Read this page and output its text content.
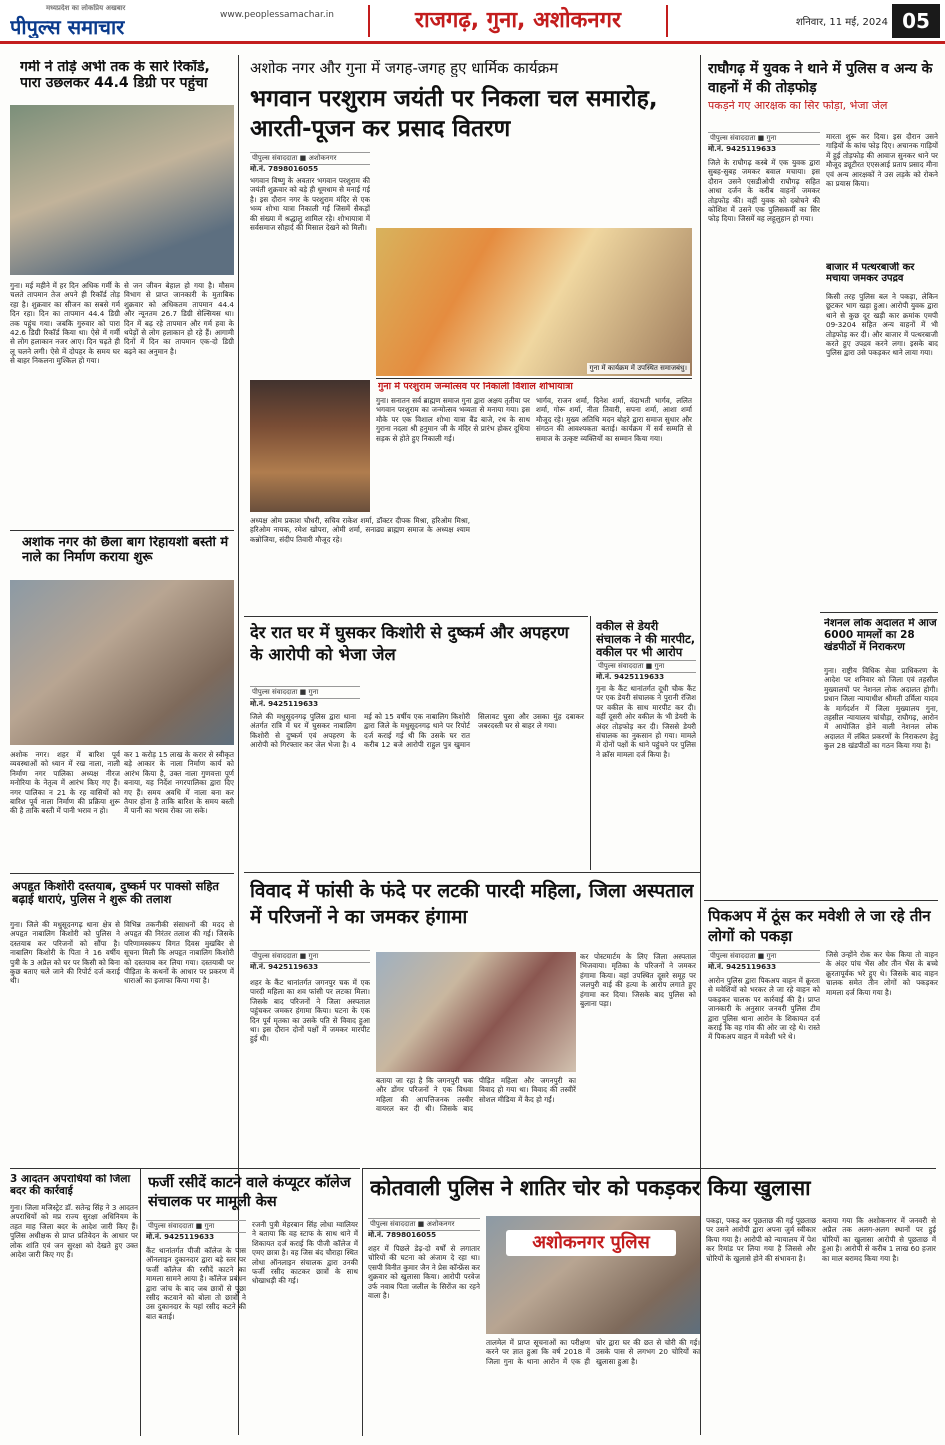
मध्यप्रदेश का लोकप्रिय अखबार
पीपुल्स समाचार	www.peoplessamachar.in	राजगढ़, गुना, अशोकनगर	शनिवार, 11 मई, 2024 05
गर्मी ने तोड़े अभी तक के सारे रिकॉर्ड, पारा उछलकर 44.4 डिग्री पर पहुंचा
गुना। मई महीने में हर दिन अधिक गर्मी के चलते तापमान तेज अपने ही रिकॉर्ड तोड़ रहा है। शुक्रवार का सीजन का सबसे गर्म दिन रहा। दिन का तापमान 44.4 डिग्री तक पहुंच गया। जबकि गुरुवार को पारा 42.6 डिग्री रिकॉर्ड किया था। ऐसे में गर्मी से लोग हलाकान नजर आए। दिन चढ़ते ही लू चलने लगी। ऐसे में दोपहर के समय घर से बाहर निकलना मुश्किल हो गया।
से जन जीवन बेहाल हो गया है। मौसम विभाग से प्राप्त जानकारी के मुताबिक शुक्रवार को अधिकतम तापमान 44.4 और न्यूनतम 26.7 डिग्री सेल्सियस था। दिन में बढ़ रहे तापमान और गर्म हवा के थपेड़ों से लोग हलाकान हो रहे हैं। आगामी दिनों में दिन का तापमान एक-दो डिग्री बढ़ने का अनुमान है।
अशोक नगर की छैला बाग रिहायशी बस्ती में नाले का निर्माण कराया शुरू
अशोक नगर। शहर में बारिश पूर्व व्यवस्थाओं को ध्यान में रख नाला, नाली निर्माण नगर पालिका अध्यक्ष नीरज मनोरिया के नेतृत्व में आरंभ किए गए हैं। नगर पालिका न 21 के रह वासियों को बारिश पूर्व नाला निर्माण की प्रक्रिया शुरू की है ताकि बस्ती में पानी भराव न हो।
कर 1 करोड़ 15 लाख के करार से स्वीकृत बड़े आकार के नाला निर्माण कार्य को आरंभ किया है, उक्त नाला गुणवत्ता पूर्ण बनाया, यह निर्देश नगरपालिका द्वारा दिए गए हैं। समय अवधि में नाला बना कर तैयार होना है ताकि बारिश के समय बस्ती में पानी का भराव रोका जा सके।
अपहृत किशोरी दस्तयाब, दुष्कर्म पर पाक्सो सहित बढ़ाई धाराएं, पुलिस ने शुरू की तलाश
गुना। जिले की मधुसूदनगढ़ थाना क्षेत्र से अपहृत नाबालिग किशोरी को पुलिस ने दस्तयाब कर परिजनों को सौंपा है। नाबालिग किशोरी के पिता ने 16 वर्षीय पुत्री के 3 अप्रैल को घर पर किसी को बिना कुछ बताए चले जाने की रिपोर्ट दर्ज कराई थी।
विभिन्न तकनीकी संसाधनों की मदद से अपहृत की निरंतर तलाश की गई। जिसके परिणामस्वरूप विगत दिवस मुखबिर से सूचना मिली कि अपहृत नाबालिग किशोरी को दस्तयाब कर लिया गया। दस्तयाबी पर पीड़िता के कथनों के आधार पर प्रकरण में धाराओं का इजाफा किया गया है।
3 आदतन अपराधियों को जिला बदर की कार्रवाई
गुना। जिला मजिस्ट्रेट डॉ. सतेन्द्र सिंह ने 3 आदतन अपराधियों को मप्र राज्य सुरक्षा अधिनियम के तहत माह जिला बदर के आदेश जारी किए हैं। पुलिस अधीक्षक से प्राप्त प्रतिवेदन के आधार पर लोक शांति एवं जन सुरक्षा को देखते हुए उक्त आदेश जारी किए गए हैं।
अशोक नगर और गुना में जगह-जगह हुए धार्मिक कार्यक्रम
भगवान परशुराम जयंती पर निकला चल समारोह, आरती-पूजन कर प्रसाद वितरण
पीपुल्स संवाददाता ■ अशोकनगर
मो.नं. 7898016055
भगवान विष्णु के अवतार भगवान परशुराम की जयंती शुक्रवार को बड़े ही धूमधाम से मनाई गई है। इस दौरान नगर के परशुराम मंदिर से एक भव्य शोभा यात्रा निकाली गई जिसमें सैकड़ों की संख्या में श्रद्धालु शामिल रहे। शोभायात्रा में सर्वसमाज सौहार्द की मिसाल देखने को मिली।
गुना में कार्यक्रम में उपस्थित समाजबंधु।
अध्यक्ष ओम प्रकाश चौधरी, सचिव राकेश शर्मा, डॉक्टर दीपक मिश्रा, हरिओम मिश्रा, हरिओम नायक, रमेश खोपरा, ओमी शर्मा, सनाढ्य ब्राह्मण समाज के अध्यक्ष श्याम कन्नोजिया, संदीप तिवारी मौजूद रहे।
गुना में परशुराम जन्मोत्सव पर निकाली विशाल शोभायात्रा
गुना। सनातन सर्व ब्राह्मण समाज गुना द्वारा अक्षय तृतीया पर भगवान परशुराम का जन्मोत्सव भव्यता से मनाया गया। इस मौके पर एक विशाल शोभा यात्रा बैंड बाजे, रथ के साथ गुराना नदला श्री हनुमान जी के मंदिर से प्रारंभ होकर दूधिया सड़क से होते हुए निकाली गई।
भार्गव, राजन शर्मा, दिनेश शर्मा, वंदाभती भार्गव, ललित शर्मा, गोरू शर्मा, नीता तिवारी, सपना शर्मा, आशा शर्मा मौजूद रहे। मुख्य अतिथि मदन बोहरे द्वारा समाज सुधार और संगठन की आवश्यकता बताई। कार्यक्रम में सर्व सम्मति से समाज के उत्कृष्ट व्यक्तियों का सम्मान किया गया।
देर रात घर में घुसकर किशोरी से दुष्कर्म और अपहरण के आरोपी को भेजा जेल
पीपुल्स संवाददाता ■ गुना
मो.नं. 9425119633
जिले की मधुसूदनगढ़ पुलिस द्वारा थाना अंतर्गत रात्रि में घर में घुसकर नाबालिग किशोरी से दुष्कर्म एवं अपहरण के आरोपी को गिरफ्तार कर जेल भेजा है। 4 मई को 15 वर्षीय एक नाबालिग किशोरी द्वारा जिले के मधुसूदनगढ़ थाने पर रिपोर्ट दर्ज कराई गई थी कि उसके घर रात करीब 12 बजे आरोपी राहुल पुत्र खुमान सिलावट घुसा और उसका मुंह दबाकर जबरदस्ती घर से बाहर ले गया।
वकील से डेयरी संचालक ने की मारपीट, वकील पर भी आरोप
पीपुल्स संवाददाता ■ गुना
मो.नं. 9425119633
गुना के कैंट थानांतर्गत दूधी चौक कैंट पर एक डेयरी संचालक ने पुरानी रंजिश पर वकील के साथ मारपीट कर दी। वहीं दूसरी ओर वकील के भी डेयरी के अंदर तोड़फोड़ कर दी। जिससे डेयरी संचालक का नुकसान हो गया। मामले में दोनों पक्षों के थाने पहुंचने पर पुलिस ने क्रॉस मामला दर्ज किया है।
विवाद में फांसी के फंदे पर लटकी पारदी महिला, जिला अस्पताल में परिजनों ने का जमकर हंगामा
पीपुल्स संवाददाता ■ गुना
मो.नं. 9425119633
शहर के कैंट थानांतर्गत जगनपुर चक में एक पारदी महिला का शव फांसी पर लटका मिला। जिसके बाद परिजनों ने जिला अस्पताल पहुंचकर जमकर हंगामा किया। घटना के एक दिन पूर्व मृतका का उसके पति से विवाद हुआ था। इस दौरान दोनों पक्षों में जमकर मारपीट हुई थी।
बताया जा रहा है कि जगनपुरी चक और डोंगर परिजनों ने एक विधवा महिला की आपत्तिजनक तस्वीर वायरल कर दी थी। जिसके बाद पीड़ित महिला और जगनपुरी का विवाद हो गया था। विवाद की तस्वीरें सोशल मीडिया में कैद हो गईं।
कर पोस्टमार्टम के लिए जिला अस्पताल भिजवाया। मृतिका के परिजनों ने जमकर हंगामा किया। वहां उपस्थित दूसरे समूह पर जलपुरी वाई की हत्या के आरोप लगाते हुए हंगामा कर दिया। जिसके बाद पुलिस को बुलाना पड़ा।
फर्जी रसीदें काटने वाले कंप्यूटर कॉलेज संचालक पर मामूली केस
पीपुल्स संवाददाता ■ गुना
मो.नं. 9425119633
कैंट थानांतर्गत पीजी कॉलेज के पास ऑनलाइन दुकानदार द्वारा बड़े स्तर पर फर्जी कॉलेज की रसीदें काटने का मामला सामने आया है। कॉलेज प्रबंधन द्वारा जांच के बाद जब छात्रों से पूछा रसीद कटवाने को बोला तो छात्रों ने उस दुकानदार के यहां रसीद कटने की बात बताई।
रजनी पुत्री मेहरबान सिंह लोधा ग्वालियर ने बताया कि वह स्टाफ के साथ थाने में शिकायत दर्ज कराई कि पीजी कॉलेज में एमए छात्रा है। वह जिस बंद चौराहा स्थित लोधा ऑनलाइन संचालक द्वारा उनकी फर्जी रसीद काटकर छात्रों के साथ धोखाधड़ी की गई।
कोतवाली पुलिस ने शातिर चोर को पकड़कर किया खुलासा
पीपुल्स संवाददाता ■ अशोकनगर
मो.नं. 7898016055
शहर में पिछले डेढ़-दो वर्षों से लगातार चोरियों की घटना को अंजाम दे रहा था। एसपी विनीत कुमार जैन ने प्रेस कॉन्फ्रेंस कर शुक्रवार को खुलासा किया। आरोपी परवेज उर्फ नवाब पिता जलील के सिरोंज का रहने वाला है।
अशोकनगर पुलिस
तालमेल में प्राप्त सूचनाओं का परीक्षण करने पर ज्ञात हुआ कि वर्ष 2018 में जिला गुना के थाना आरोन में एक ही चोर द्वारा घर की छत से चोरी की गई। उसके पास से लगभग 20 चोरियों का खुलासा हुआ है।
पकड़ा, पकड़ कर पूछताछ की गई पूछताछ पर उसने आरोपी द्वारा अपना जुर्म स्वीकार किया गया है। आरोपी को न्यायालय में पेश कर रिमांड पर लिया गया है जिससे और चोरियों के खुलासे होने की संभावना है।
बताया गया कि अशोकनगर में जनवरी से अप्रैल तक अलग-अलग स्थानों पर हुई चोरियों का खुलासा आरोपी से पूछताछ में हुआ है। आरोपी से करीब 1 लाख 60 हजार का माल बरामद किया गया है।
राघौगढ़ में युवक ने थाने में पुलिस व अन्य के वाहनों में की तोड़फोड़
पकड़ने गए आरक्षक का सिर फोड़ा, भेजा जेल
पीपुल्स संवाददाता ■ गुना
मो.नं. 9425119633
जिले के राघौगढ़ कस्बे में एक युवक द्वारा सुबह-सुबह जमकर बवाल मचाया। इस दौरान उसने एसडीओपी राघौगढ़ सहित आधा दर्जन के करीब वाहनों जमकर तोड़फोड़ की। वहीं युवक को दबोचने की कोशिश में उसने एक पुलिसकर्मी का सिर फोड़ दिया। जिसमें वह लहूलुहान हो गया।
मारता शुरू कर दिया। इस दौरान उसने गाड़ियों के कांच फोड़ दिए। अचानक गाड़ियों में हुई तोड़फोड़ की आवाज सुनकर थाने पर मौजूद ड्यूटीरत एएसआई प्रताप प्रसाद मीना एवं अन्य आरक्षकों ने उस लड़के को रोकने का प्रयास किया।
बाजार में पत्थरबाजी कर मचाया जमकर उपद्रव
किसी तरह पुलिस बल ने पकड़ा, लेकिन छूटकर भाग खड़ा हुआ। आरोपी युवक द्वारा थाने से कुछ दूर खड़ी कार क्रमांक एमपी 09-3204 सहित अन्य वाहनों में भी तोड़फोड़ कर दी। और बाजार में पत्थरबाजी करते हुए उपद्रव करने लगा। इसके बाद पुलिस द्वारा उसे पकड़कर थाने लाया गया।
नेशनल लोक अदालत में आज 6000 मामलों का 28 खंडपीठों में निराकरण
गुना। राष्ट्रीय विधिक सेवा प्राधिकरण के आदेश पर शनिवार को जिला एवं तहसील मुख्यालयों पर नेशनल लोक अदालत होगी। प्रधान जिला न्यायाधीश श्रीमती उर्मिला यादव के मार्गदर्शन में जिला मुख्यालय गुना, तहसील न्यायालय चांचौड़ा, राघौगढ़, आरोन में आयोजित होने वाली नेशनल लोक अदालत में लंबित प्रकरणों के निराकरण हेतु कुल 28 खंडपीठों का गठन किया गया है।
पिकअप में ठूंस कर मवेशी ले जा रहे तीन लोगों को पकड़ा
पीपुल्स संवाददाता ■ गुना
मो.नं. 9425119633
आरोन पुलिस द्वारा पिकअप वाहन में क्रूरता से मवेशियों को भरकर ले जा रहे वाहन को पकड़कर चालक पर कार्रवाई की है। प्राप्त जानकारी के अनुसार जनवरी पुलिस टीम द्वारा पुलिस थाना आरोन के शिकायत दर्ज कराई कि वह गांव की ओर जा रहे थे। रास्ते में पिकअप वाहन में मवेशी भरे थे।
जिसे उन्होंने रोक कर चेक किया तो वाहन के अंदर पांच भैंस और तीन भैंस के बच्चे क्रूरतापूर्वक भरे हुए थे। जिसके बाद वाहन चालक समेत तीन लोगों को पकड़कर मामला दर्ज किया गया है।
